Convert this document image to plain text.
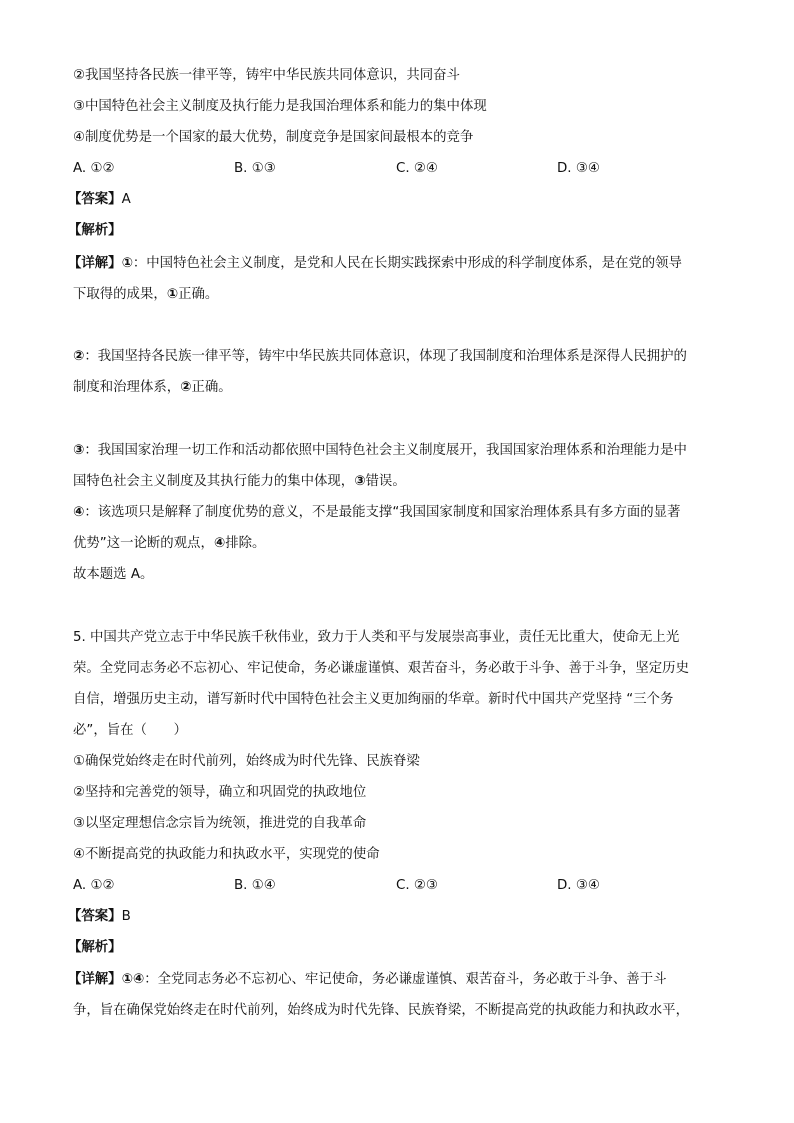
②我国坚持各民族一律平等，铸牢中华民族共同体意识，共同奋斗
③中国特色社会主义制度及执行能力是我国治理体系和能力的集中体现
④制度优势是一个国家的最大优势，制度竞争是国家间最根本的竞争
A. ①②	B. ①③	C. ②④	D. ③④
【答案】A
【解析】
【详解】①：中国特色社会主义制度，是党和人民在长期实践探索中形成的科学制度体系，是在党的领导
下取得的成果，①正确。
②：我国坚持各民族一律平等，铸牢中华民族共同体意识，体现了我国制度和治理体系是深得人民拥护的
制度和治理体系，②正确。
③：我国国家治理一切工作和活动都依照中国特色社会主义制度展开，我国国家治理体系和治理能力是中
国特色社会主义制度及其执行能力的集中体现，③错误。
④：该选项只是解释了制度优势的意义，不是最能支撑“我国国家制度和国家治理体系具有多方面的显著
优势”这一论断的观点，④排除。
故本题选 A。
5. 中国共产党立志于中华民族千秋伟业，致力于人类和平与发展崇高事业，责任无比重大，使命无上光
荣。全党同志务必不忘初心、牢记使命，务必谦虚谨慎、艰苦奋斗，务必敢于斗争、善于斗争，坚定历史
自信，增强历史主动，谱写新时代中国特色社会主义更加绚丽的华章。新时代中国共产党坚持 “三个务
必”，旨在（　　）
①确保党始终走在时代前列，始终成为时代先锋、民族脊梁
②坚持和完善党的领导，确立和巩固党的执政地位
③以坚定理想信念宗旨为统领，推进党的自我革命
④不断提高党的执政能力和执政水平，实现党的使命
A. ①②	B. ①④	C. ②③	D. ③④
【答案】B
【解析】
【详解】①④：全党同志务必不忘初心、牢记使命，务必谦虚谨慎、艰苦奋斗，务必敢于斗争、善于斗
争，旨在确保党始终走在时代前列，始终成为时代先锋、民族脊梁，不断提高党的执政能力和执政水平，
